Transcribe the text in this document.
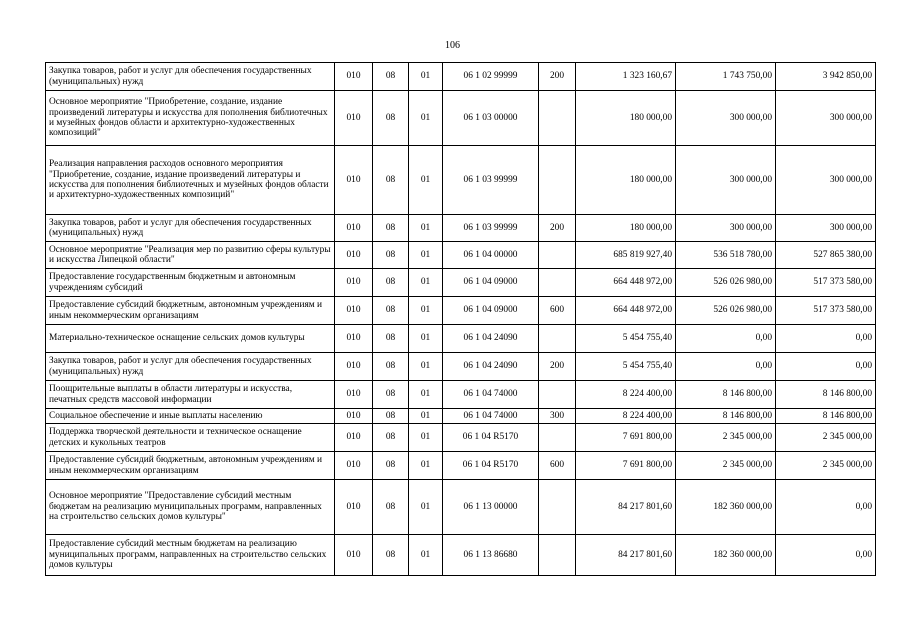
106
Закупка товаров, работ и услуг для обеспечения государственных (муниципальных) нужд	010	08	01	06 1 02 99999	200	1 323 160,67	1 743 750,00	3 942 850,00
Основное мероприятие "Приобретение, создание, издание произведений литературы и искусства для пополнения библиотечных и музейных фондов области и архитектурно-художественных композиций"	010	08	01	06 1 03 00000		180 000,00	300 000,00	300 000,00
Реализация направления расходов основного мероприятия "Приобретение, создание, издание произведений литературы и искусства для пополнения библиотечных и музейных фондов области и архитектурно-художественных композиций"	010	08	01	06 1 03 99999		180 000,00	300 000,00	300 000,00
Закупка товаров, работ и услуг для обеспечения государственных (муниципальных) нужд	010	08	01	06 1 03 99999	200	180 000,00	300 000,00	300 000,00
Основное мероприятие "Реализация мер по развитию сферы культуры и искусства Липецкой области"	010	08	01	06 1 04 00000		685 819 927,40	536 518 780,00	527 865 380,00
Предоставление государственным бюджетным и автономным учреждениям субсидий	010	08	01	06 1 04 09000		664 448 972,00	526 026 980,00	517 373 580,00
Предоставление субсидий бюджетным, автономным учреждениям и иным некоммерческим организациям	010	08	01	06 1 04 09000	600	664 448 972,00	526 026 980,00	517 373 580,00
Материально-техническое оснащение сельских домов культуры	010	08	01	06 1 04 24090		5 454 755,40	0,00	0,00
Закупка товаров, работ и услуг для обеспечения государственных (муниципальных) нужд	010	08	01	06 1 04 24090	200	5 454 755,40	0,00	0,00
Поощрительные выплаты в области литературы и искусства, печатных средств массовой информации	010	08	01	06 1 04 74000		8 224 400,00	8 146 800,00	8 146 800,00
Социальное обеспечение и иные выплаты населению	010	08	01	06 1 04 74000	300	8 224 400,00	8 146 800,00	8 146 800,00
Поддержка творческой деятельности и техническое оснащение детских и кукольных театров	010	08	01	06 1 04 R5170		7 691 800,00	2 345 000,00	2 345 000,00
Предоставление субсидий бюджетным, автономным учреждениям и иным некоммерческим организациям	010	08	01	06 1 04 R5170	600	7 691 800,00	2 345 000,00	2 345 000,00
Основное мероприятие "Предоставление субсидий местным бюджетам на реализацию муниципальных программ, направленных на строительство сельских домов культуры"	010	08	01	06 1 13 00000		84 217 801,60	182 360 000,00	0,00
Предоставление субсидий местным бюджетам на реализацию муниципальных программ, направленных на строительство сельских домов культуры	010	08	01	06 1 13 86680		84 217 801,60	182 360 000,00	0,00
